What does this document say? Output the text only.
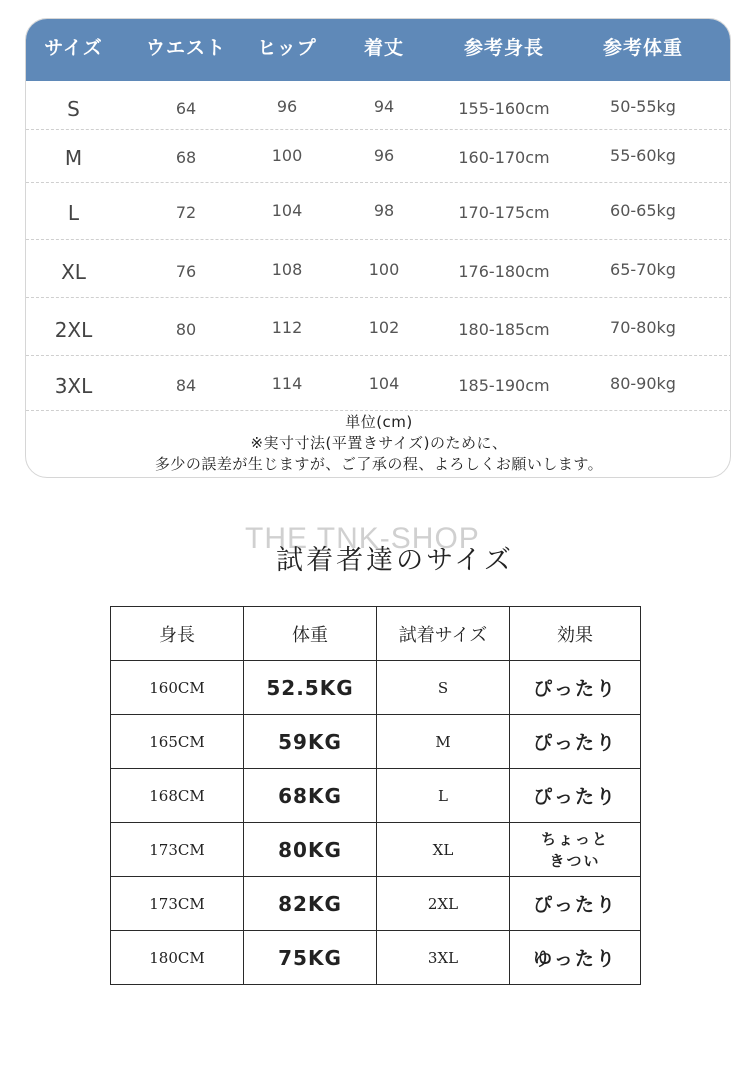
サイズ	ウエスト	ヒップ	着丈	参考身長	参考体重
S	64	96	94	155-160cm	50-55kg
M	68	100	96	160-170cm	55-60kg
L	72	104	98	170-175cm	60-65kg
XL	76	108	100	176-180cm	65-70kg
2XL	80	112	102	180-185cm	70-80kg
3XL	84	114	104	185-190cm	80-90kg
単位(cm)
※実寸寸法(平置きサイズ)のために、
多少の誤差が生じますが、ご了承の程、よろしくお願いします。
THE TNK-SHOP
試着者達のサイズ
身長	体重	試着サイズ	効果
160CM	52.5KG	S	ぴったり
165CM	59KG	M	ぴったり
168CM	68KG	L	ぴったり
173CM	80KG	XL	ちょっと
きつい

173CM	82KG	2XL	ぴったり
180CM	75KG	3XL	ゆったり
